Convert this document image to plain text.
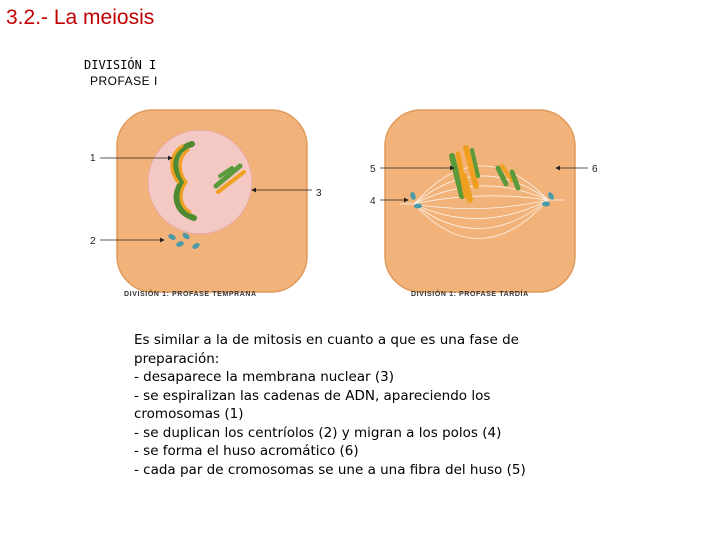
3.2.- La meiosis
DIVISIÓN I
PROFASE I
DIVISIÓN 1: PROFASE TEMPRANA	DIVISIÓN 1: PROFASE TARDÍA
1
2
3
4
5	6
Es similar a la de mitosis en cuanto a que es una fase de
preparación:
- desaparece la membrana nuclear (3)
- se espiralizan las cadenas de ADN, apareciendo los
cromosomas (1)
- se duplican los centríolos (2) y migran a los polos (4)
- se forma el huso acromático (6)
- cada par de cromosomas se une a una fibra del huso (5)
